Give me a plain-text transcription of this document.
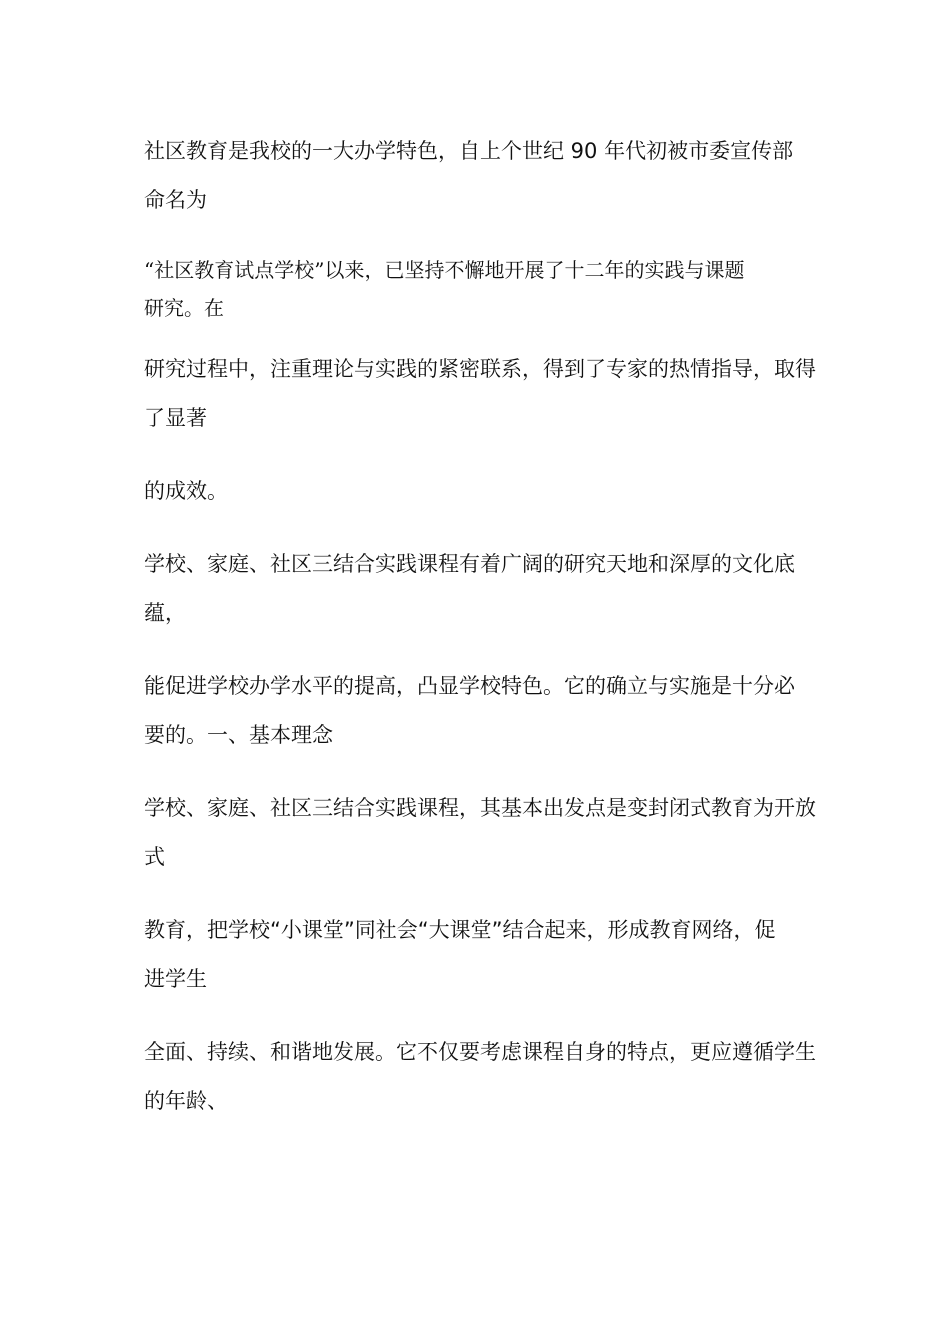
社区教育是我校的一大办学特色，自上个世纪 90 年代初被市委宣传部
命名为

“社区教育试点学校”以来，已坚持不懈地开展了十二年的实践与课题
研究。在

研究过程中，注重理论与实践的紧密联系，得到了专家的热情指导，取得
了显著

的成效。

学校、家庭、社区三结合实践课程有着广阔的研究天地和深厚的文化底
蕴，

能促进学校办学水平的提高，凸显学校特色。它的确立与实施是十分必
要的。一、基本理念

学校、家庭、社区三结合实践课程，其基本出发点是变封闭式教育为开放
式

教育，把学校“小课堂”同社会“大课堂”结合起来，形成教育网络，促
进学生

全面、持续、和谐地发展。它不仅要考虑课程自身的特点，更应遵循学生
的年龄、
